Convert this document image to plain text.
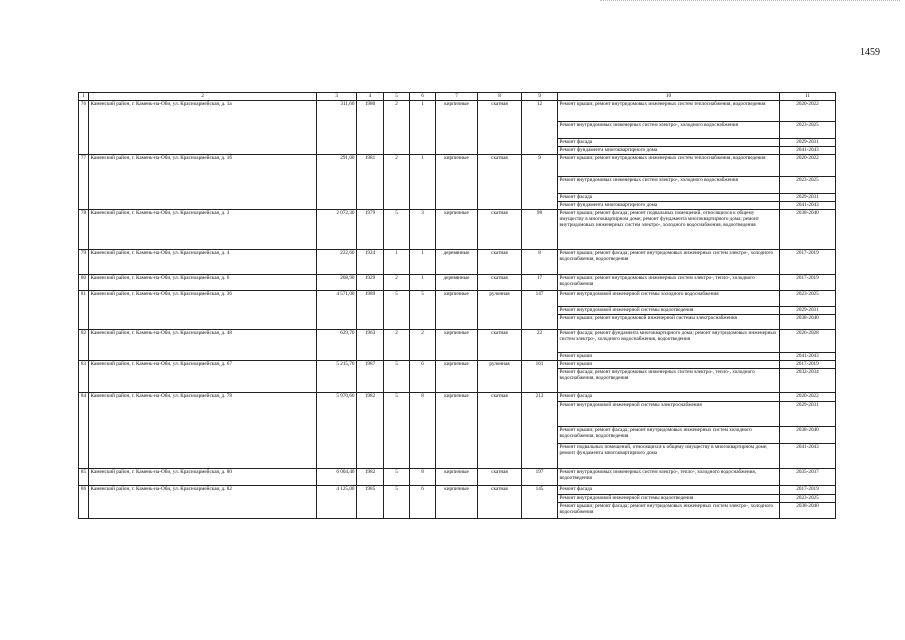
1459
1	2	3	4	5	6	7	8	9	10	11
76	Каменский район, г. Камень-на-Оби, ул. Красноармейская, д. 1а	311,60	1980	2	1	кирпичные	скатная	12	Ремонт крыши; ремонт внутридомовых инженерных систем теплоснабжения, водоотведения	2020-2022
									Ремонт внутридомовых инженерных систем электро-, холодного водоснабжения	2023-2025
									Ремонт фасада	2029-2031
									Ремонт фундамента многоквартирного дома	2041-2043
77	Каменский район, г. Камень-на-Оби, ул. Красноармейская, д. 1б	291,00	1981	2	1	кирпичные	скатная	9	Ремонт крыши; ремонт внутридомовых инженерных систем теплоснабжения, водоотведения	2020-2022
									Ремонт внутридомовых инженерных систем электро-, холодного водоснабжения	2023-2025
									Ремонт фасада	2029-2031
									Ремонт фундамента многоквартирного дома	2041-2043
78	Каменский район, г. Камень-на-Оби, ул. Красноармейская, д. 3	2 072,30	1979	5	3	кирпичные	скатная	98	Ремонт крыши; ремонт фасада; ремонт подвальных помещений, относящихся к общему имуществу в многоквартирном доме; ремонт фундамента многоквартирного дома; ремонт внутридомовых инженерных систем электро-, холодного водоснабжения, водоотведения	2038-2040
79	Каменский район, г. Камень-на-Оби, ул. Красноармейская, д. 4	222,60	1924	1	1	деревянные	скатная	8	Ремонт крыши; ремонт фасада; ремонт внутридомовых инженерных систем электро-, холодного водоснабжения, водоотведения	2017-2019
80	Каменский район, г. Камень-на-Оби, ул. Красноармейская, д. 6	268,90	1929	2	1	деревянные	скатная	17	Ремонт крыши; ремонт внутридомовых инженерных систем электро-, тепло-, холодного водоснабжения	2017-2019
81	Каменский район, г. Камень-на-Оби, ул. Красноармейская, д. 36	4 571,00	1989	5	5	кирпичные	рулонная	147	Ремонт внутридомовой инженерной системы холодного водоснабжения	2023-2025
									Ремонт внутридомовой инженерной системы водоотведения	2029-2031
									Ремонт крыши; ремонт внутридомовой инженерной системы электроснабжения	2038-2040
82	Каменский район, г. Камень-на-Оби, ул. Красноармейская, д. 48	629,70	1963	2	2	кирпичные	скатная	22	Ремонт фасада; ремонт фундамента многоквартирного дома; ремонт внутридомовых инженерных систем электро-, холодного водоснабжения, водоотведения	2026-2028
									Ремонт крыши	2041-2043
83	Каменский район, г. Камень-на-Оби, ул. Красноармейская, д. 67	5 215,70	1987	5	6	кирпичные	рулонная	161	Ремонт крыши	2017-2019
									Ремонт фасада; ремонт внутридомовых инженерных систем электро-, тепло-, холодного водоснабжения, водоотведения	2032-2034
84	Каменский район, г. Камень-на-Оби, ул. Красноармейская, д. 78	5 970,60	1982	5	8	кирпичные	скатная	213	Ремонт фасада	2020-2022
									Ремонт внутридомовой инженерной системы электроснабжения	2029-2031
									Ремонт крыши; ремонт фасада; ремонт внутридомовых инженерных систем холодного водоснабжения, водоотведения	2038-2040
									Ремонт подвальных помещений, относящихся к общему имуществу в многоквартирном доме; ремонт фундамента многоквартирного дома	2041-2043
85	Каменский район, г. Камень-на-Оби, ул. Красноармейская, д. 80	6 004,40	1982	5	8	кирпичные	скатная	197	Ремонт внутридомовых инженерных систем электро-, тепло-, холодного водоснабжения, водоотведения	2035-2037
86	Каменский район, г. Камень-на-Оби, ул. Красноармейская, д. 82	4 125,00	1985	5	6	кирпичные	скатная	145	Ремонт фасада	2017-2019
									Ремонт внутридомовой инженерной системы водоотведения	2023-2025
									Ремонт крыши; ремонт фасада; ремонт внутридомовых инженерных систем электро-, холодного водоснабжения	2038-2040
